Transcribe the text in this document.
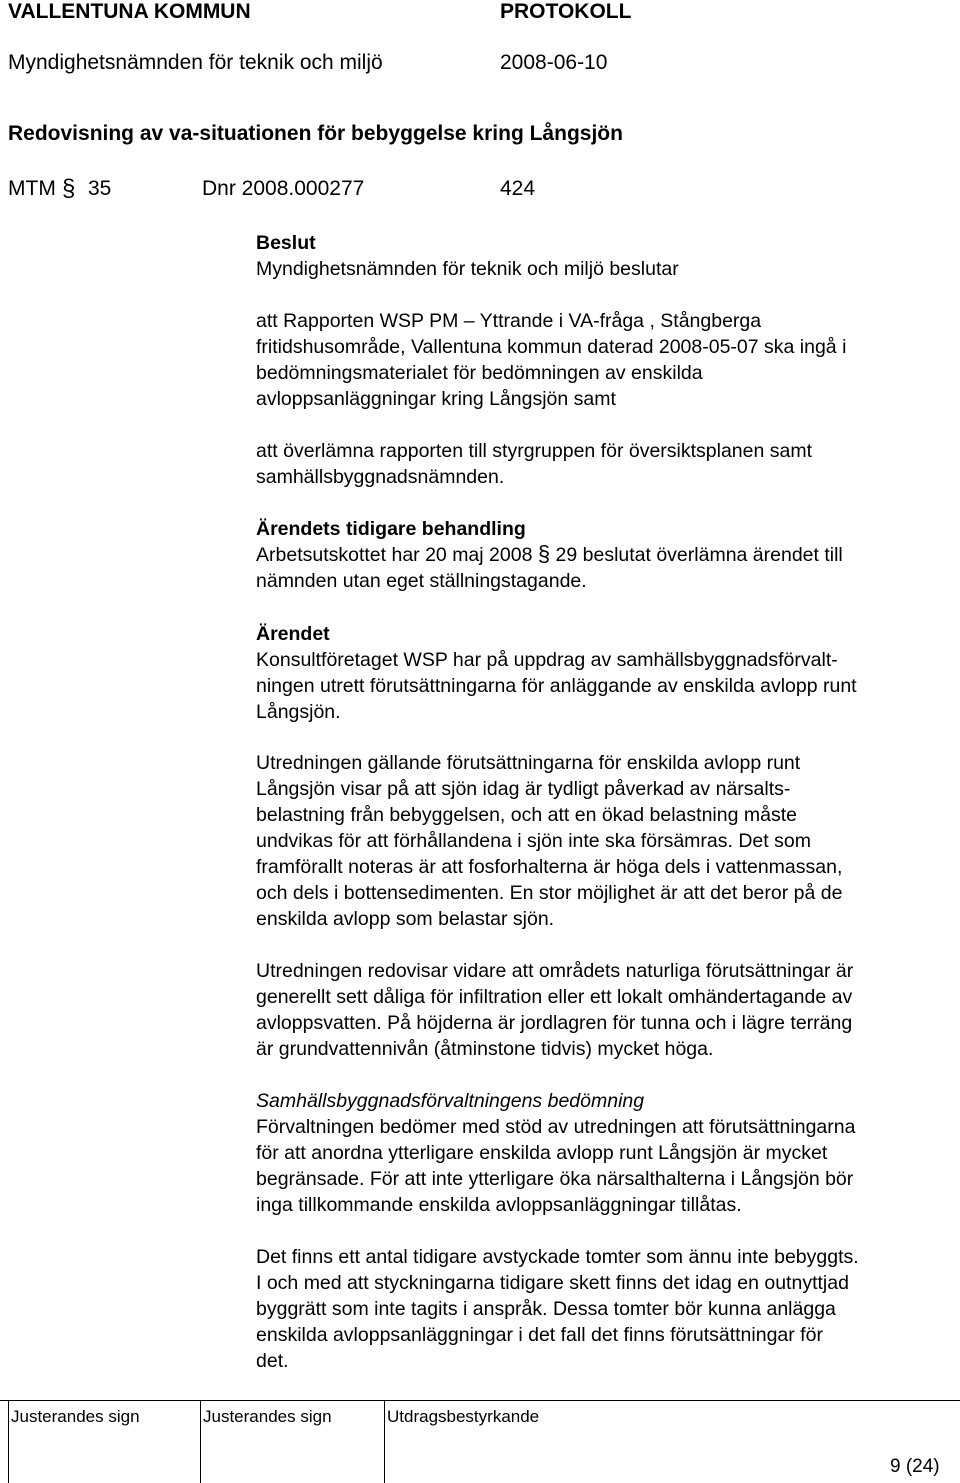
VALLENTUNA KOMMUN	PROTOKOLL
Myndighetsnämnden för teknik och miljö	2008-06-10
Redovisning av va-situationen för bebyggelse kring Långsjön
MTM § 35	Dnr 2008.000277	424
Beslut
Myndighetsnämnden för teknik och miljö beslutar
att Rapporten WSP PM – Yttrande i VA-fråga , Stångberga
fritidshusområde, Vallentuna kommun daterad 2008-05-07 ska ingå i
bedömningsmaterialet för bedömningen av enskilda
avloppsanläggningar kring Långsjön samt
att överlämna rapporten till styrgruppen för översiktsplanen samt
samhällsbyggnadsnämnden.
Ärendets tidigare behandling
Arbetsutskottet har 20 maj 2008 § 29 beslutat överlämna ärendet till
nämnden utan eget ställningstagande.
Ärendet
Konsultföretaget WSP har på uppdrag av samhällsbyggnadsförvalt-
ningen utrett förutsättningarna för anläggande av enskilda avlopp runt
Långsjön.
Utredningen gällande förutsättningarna för enskilda avlopp runt
Långsjön visar på att sjön idag är tydligt påverkad av närsalts-
belastning från bebyggelsen, och att en ökad belastning måste
undvikas för att förhållandena i sjön inte ska försämras. Det som
framförallt noteras är att fosforhalterna är höga dels i vattenmassan,
och dels i bottensedimenten. En stor möjlighet är att det beror på de
enskilda avlopp som belastar sjön.
Utredningen redovisar vidare att områdets naturliga förutsättningar är
generellt sett dåliga för infiltration eller ett lokalt omhändertagande av
avloppsvatten. På höjderna är jordlagren för tunna och i lägre terräng
är grundvattennivån (åtminstone tidvis) mycket höga.
Samhällsbyggnadsförvaltningens bedömning
Förvaltningen bedömer med stöd av utredningen att förutsättningarna
för att anordna ytterligare enskilda avlopp runt Långsjön är mycket
begränsade. För att inte ytterligare öka närsalthalterna i Långsjön bör
inga tillkommande enskilda avloppsanläggningar tillåtas.
Det finns ett antal tidigare avstyckade tomter som ännu inte bebyggts.
I och med att styckningarna tidigare skett finns det idag en outnyttjad
byggrätt som inte tagits i anspråk. Dessa tomter bör kunna anlägga
enskilda avloppsanläggningar i det fall det finns förutsättningar för
det.
Justerandes sign	Justerandes sign	Utdragsbestyrkande
9 (24)
